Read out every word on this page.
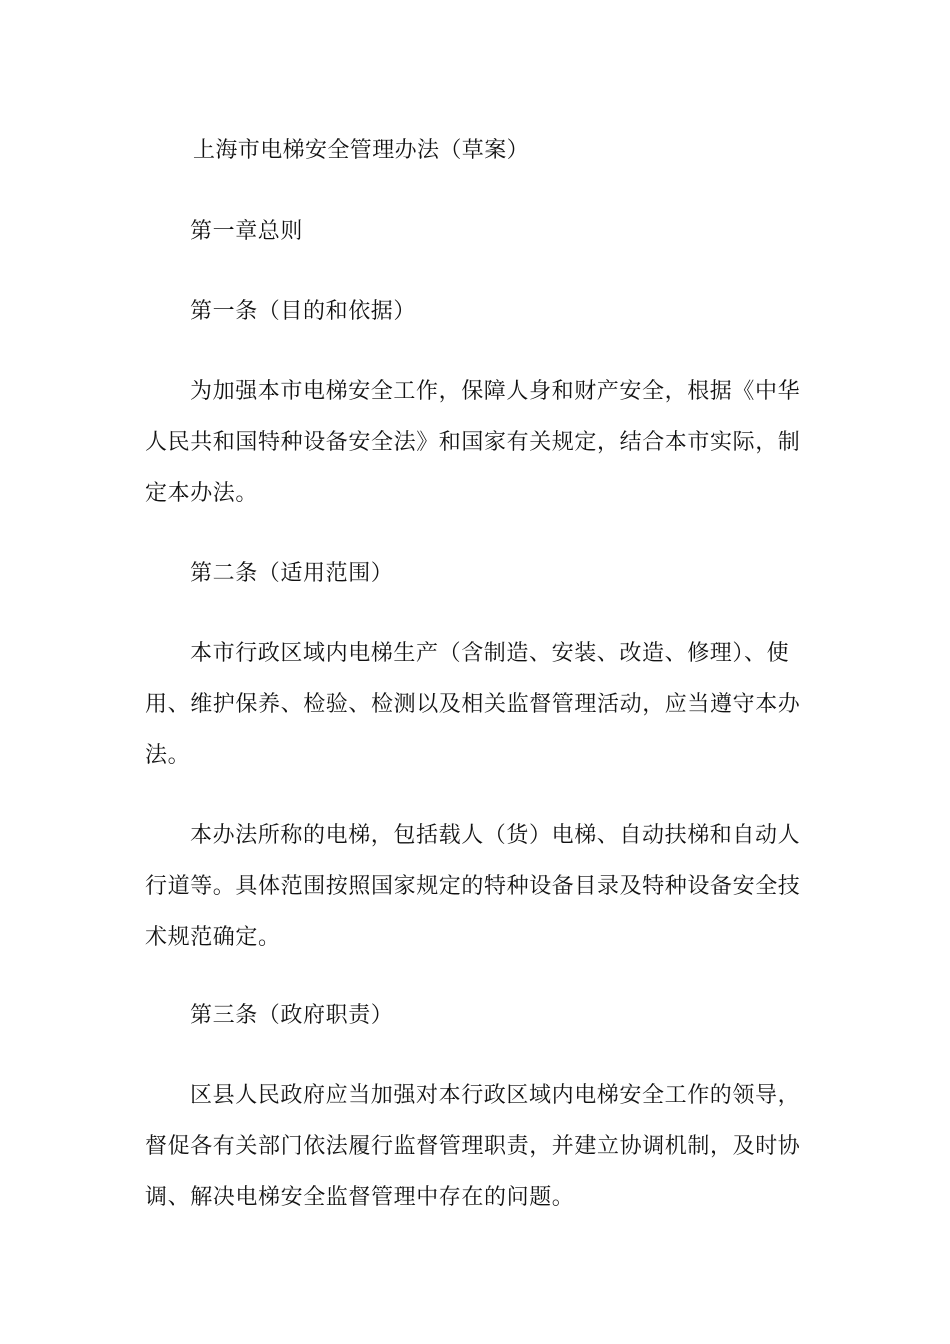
上海市电梯安全管理办法（草案）
第一章总则
第一条（目的和依据）
为加强本市电梯安全工作，保障人身和财产安全，根据《中华
人民共和国特种设备安全法》和国家有关规定，结合本市实际，制
定本办法。
第二条（适用范围）
本市行政区域内电梯生产（含制造、安装、改造、修理）、使
用、维护保养、检验、检测以及相关监督管理活动，应当遵守本办
法。
本办法所称的电梯，包括载人（货）电梯、自动扶梯和自动人
行道等。具体范围按照国家规定的特种设备目录及特种设备安全技
术规范确定。
第三条（政府职责）
区县人民政府应当加强对本行政区域内电梯安全工作的领导，
督促各有关部门依法履行监督管理职责，并建立协调机制，及时协
调、解决电梯安全监督管理中存在的问题。
